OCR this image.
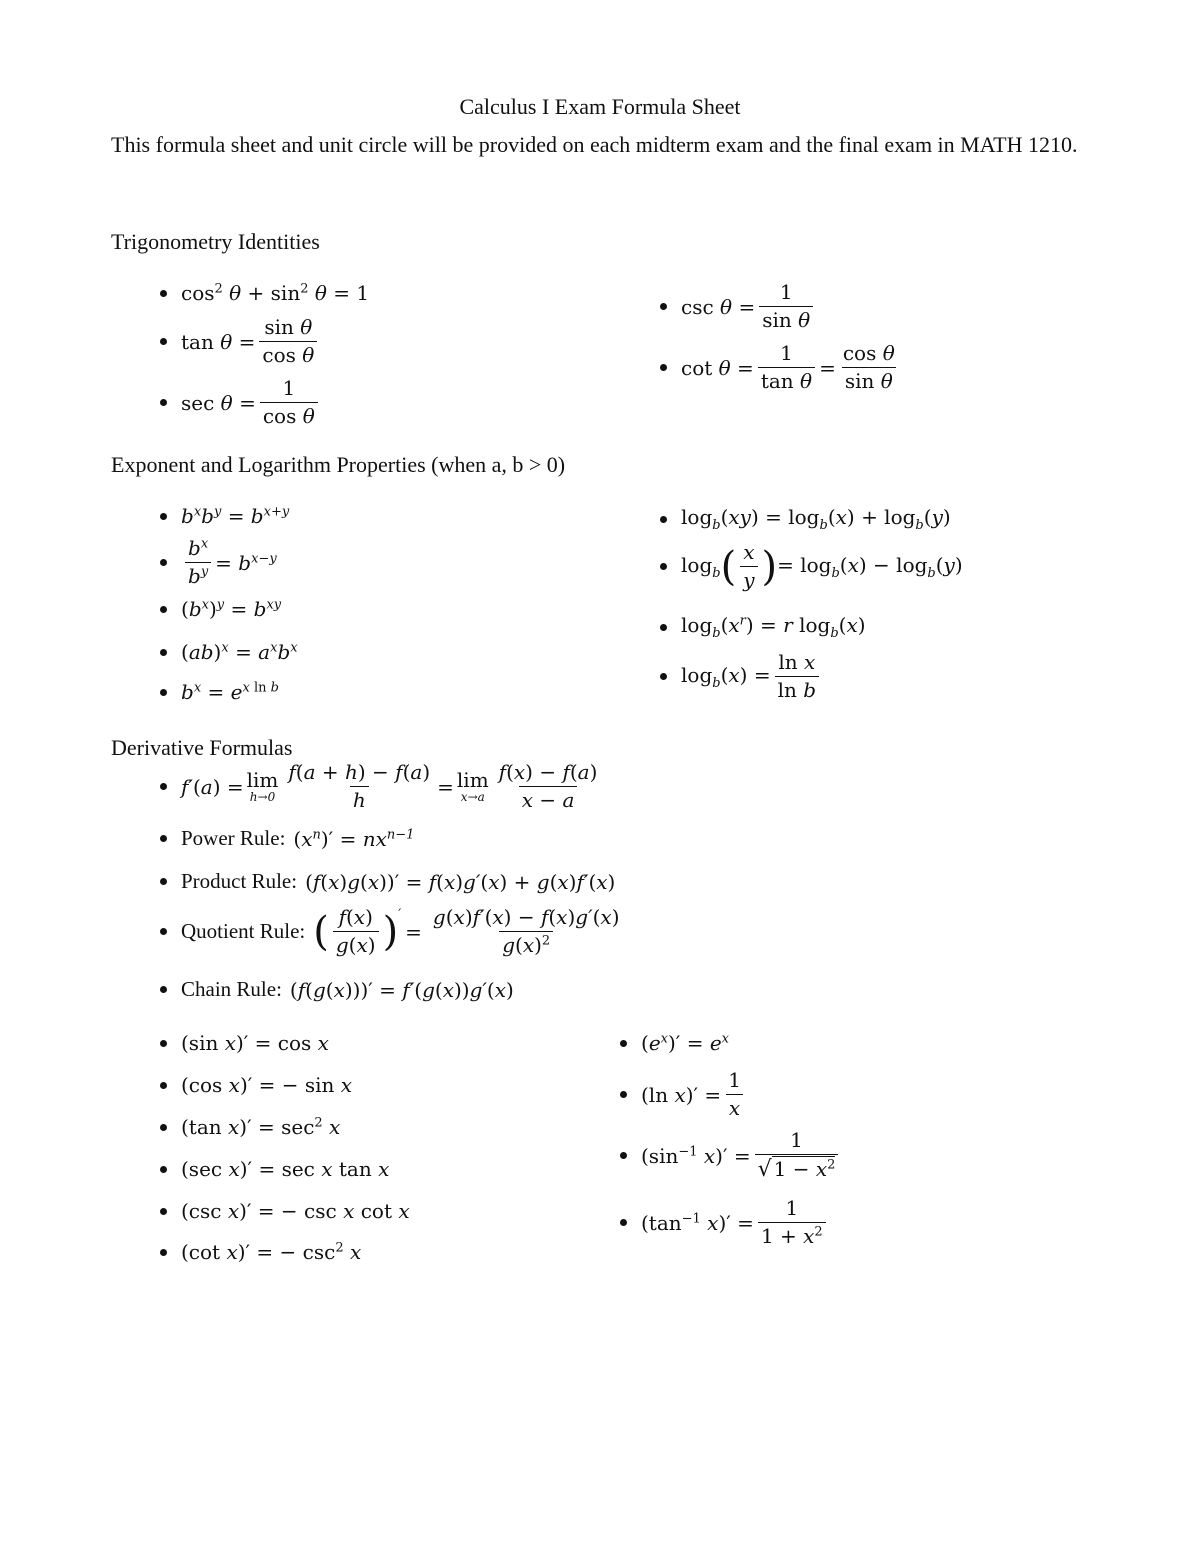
Calculus I Exam Formula Sheet
This formula sheet and unit circle will be provided on each midterm exam and the final exam in MATH 1210.
Trigonometry Identities
$\cos^2 \theta + \sin^2 \theta = 1$
$\tan \theta = \frac{\text{sin θ}}{\text{cos θ}}$
$\sec \theta = \frac{1}{\text{cos θ}}$
$\csc \theta = \frac{1}{\text{sin θ}}$
$\cot \theta = \frac{1}{\text{tan θ}} = \frac{\text{cos θ}}{\text{sin θ}}$
Exponent and Logarithm Properties (when a, b > 0)
$b^xb^y = b^{x+y}$
$\frac{b^x}{b^y} = b^{x-y}$
$(b^x)^y = b^{xy}$
$(ab)^x = a^xb^x$
$b^x = e^{x ln b}$
$\log_b(xy) = \log_b(x) + \log_b(y)$
$\log_b$ ( $\frac{x}{y}$ ) = $\log_b(x) - \log_b(y)$
$\log_b(x^r) = r$ $\log_b(x)$
$\log_b(x) = \frac{\text{ln x}}{\text{ln b}}$
Derivative Formulas
f′(a) = lim
$h\to 0 \frac{f(a + h) - f(a)}{h} = \lim$
$x\to a \frac{f(x) - f(a)}{x - a}$
Power Rule: $(x^n)' = nx^{n-1}$
Product Rule: (f(x)g(x))′ = f(x)g′(x) + g(x)f′(x)
Quotient Rule: ( $\frac{f(x)}{g(x)} )'$
= $\frac{g(x)f'(x) - f(x)g'(x)}{g(x)^2}$
Chain Rule: (f(g(x)))′ = f′(g(x))g′(x)
(sin x)′ = cos x
(cos x)′ = − sin x
(tan $x)' = \sec^2 x$
(sec x)′ = sec x tan x
(csc x)′ = − csc x cot x
(cot x)′ = − $\csc^2 x$
$(e^x)' = e^x$
(ln $x)' = \frac{1}{x}$
($\sin^{-1}$ $x)' = \frac{1}{√ 1 - x^2}$
($\tan^{-1}$ $x)' = \frac{1}{1 + x^2}$
